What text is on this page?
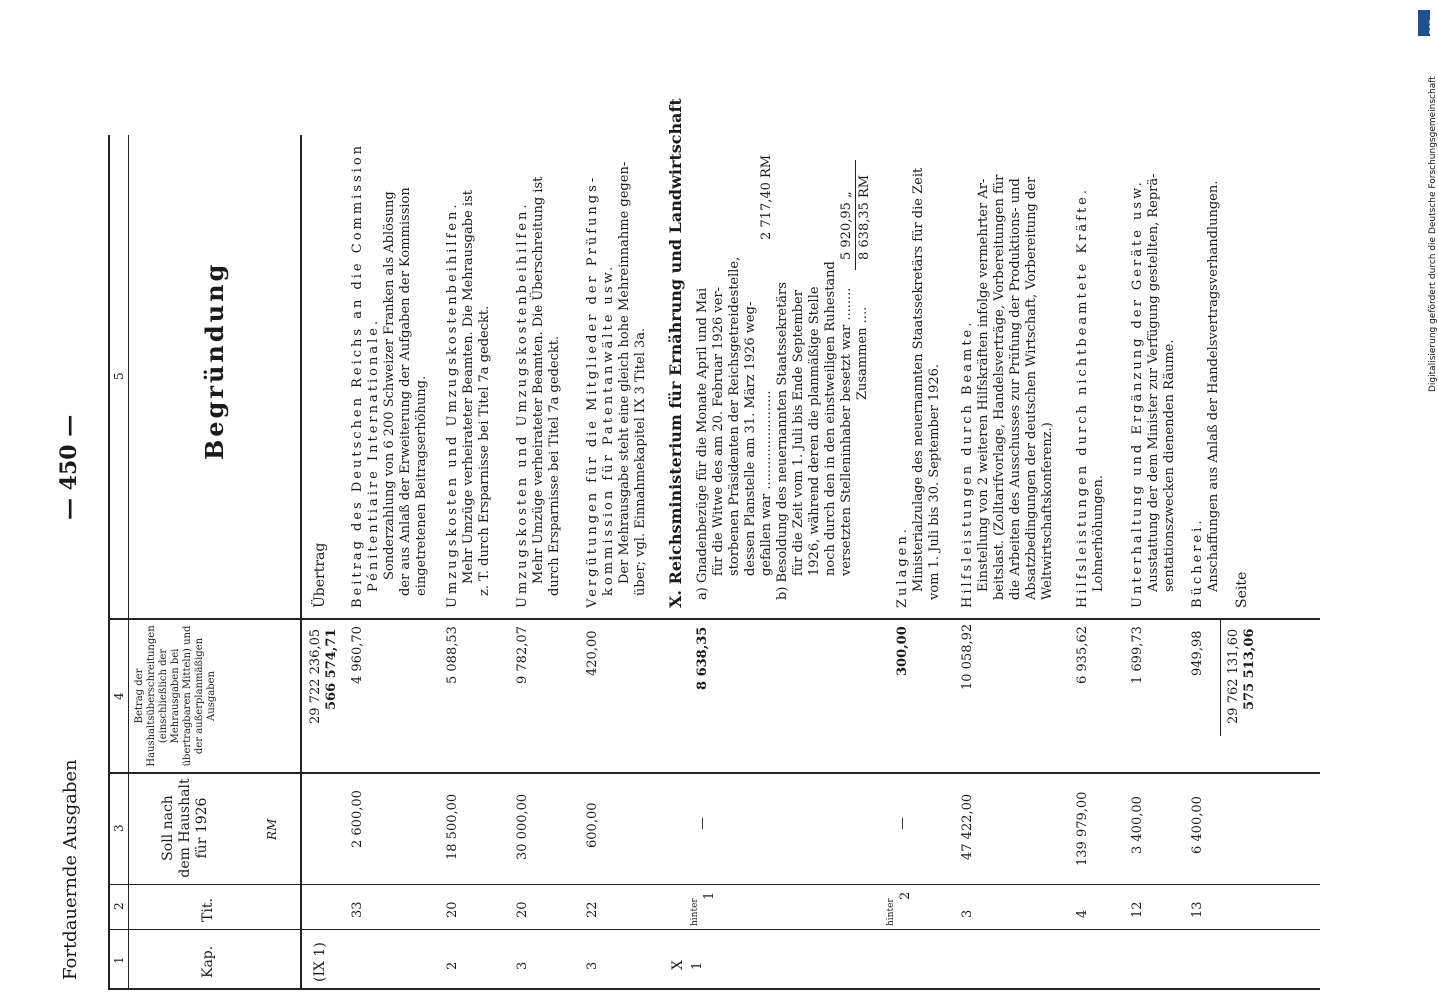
Fortdauernde Ausgaben
— 450 —
1
2
3
4
5
Kap.
Tit.
Soll nach dem Haushalt für 1926	RM
Betrag der Haushaltsüberschreitungen (einschließlich der Mehrausgaben bei übertragbaren Mitteln) und der außerplanmäßigen Ausgaben
Begründung
(IX 1)
29 722 236,05 566 574,71
Übertrag
33
2 600,00
4 960,70
Beitrag des Deutschen Reichs an die Commission Pénitentiaire Internationale. Sonderzahlung von 6 200 Schweizer Franken als Ablösung der aus Anlaß der Erweiterung der Aufgaben der Kommission eingetretenen Beitragserhöhung.
2
20
18 500,00
5 088,53
Umzugskosten und Umzugskostenbeihilfen. Mehr Umzüge verheirateter Beamten. Die Mehrausgabe ist z. T. durch Ersparnisse bei Titel 7a gedeckt.
3
20
30 000,00
9 782,07
Umzugskosten und Umzugskostenbeihilfen. Mehr Umzüge verheirateter Beamten. Die Überschreitung ist durch Ersparnisse bei Titel 7a gedeckt.
3
22
600,00
420,00
Vergütungen für die Mitglieder der Prüfungs- kommission für Patentanwälte usw. Der Mehrausgabe steht eine gleich hohe Mehreinnahme gegen- über; vgl. Einnahmekapitel IX 3 Titel 3a.
X
X. Reichsministerium für Ernährung und Landwirtschaft
1
hinter
1
—
8 638,35
a) Gnadenbezüge für die Monate April und Mai für die Witwe des am 20. Februar 1926 ver- storbenen Präsidenten der Reichsgetreidestelle, dessen Planstelle am 31. März 1926 weg- gefallen war ........................ b) Besoldung des neuernannten Staatssekretärs für die Zeit vom 1. Juli bis Ende September 1926, während deren die planmäßige Stelle noch durch den in den einstweiligen Ruhestand versetzten Stelleninhaber besetzt war ........ Zusammen ....
2 717,40 RM	5 920,95 „ 8 638,35 RM
hinter
2
—
300,00
Zulagen. Ministerialzulage des neuernannten Staatssekretärs für die Zeit vom 1. Juli bis 30. September 1926.
3
47 422,00
10 058,92
Hilfsleistungen durch Beamte. Einstellung von 2 weiteren Hilfskräften infolge vermehrter Ar- beitslast. (Zolltarifvorlage, Handelsverträge, Vorbereitungen für die Arbeiten des Ausschusses zur Prüfung der Produktions- und Absatzbedingungen der deutschen Wirtschaft, Vorbereitung der Weltwirtschaftskonferenz.)
4
139 979,00
6 935,62
Hilfsleistungen durch nichtbeamtete Kräfte. Lohnerhöhungen.
12
3 400,00
1 699,73
Unterhaltung und Ergänzung der Geräte usw. Ausstattung der dem Minister zur Verfügung gestellten, Reprä- sentationszwecken dienenden Räume.
13
6 400,00
949,98
Bücherei. Anschaffungen aus Anlaß der Handelsvertragsverhandlungen.
29 762 131,60 575 513,06
Seite
Digitalisierung gefördert durch die Deutsche Forschungsgemeinschaft
DFG
